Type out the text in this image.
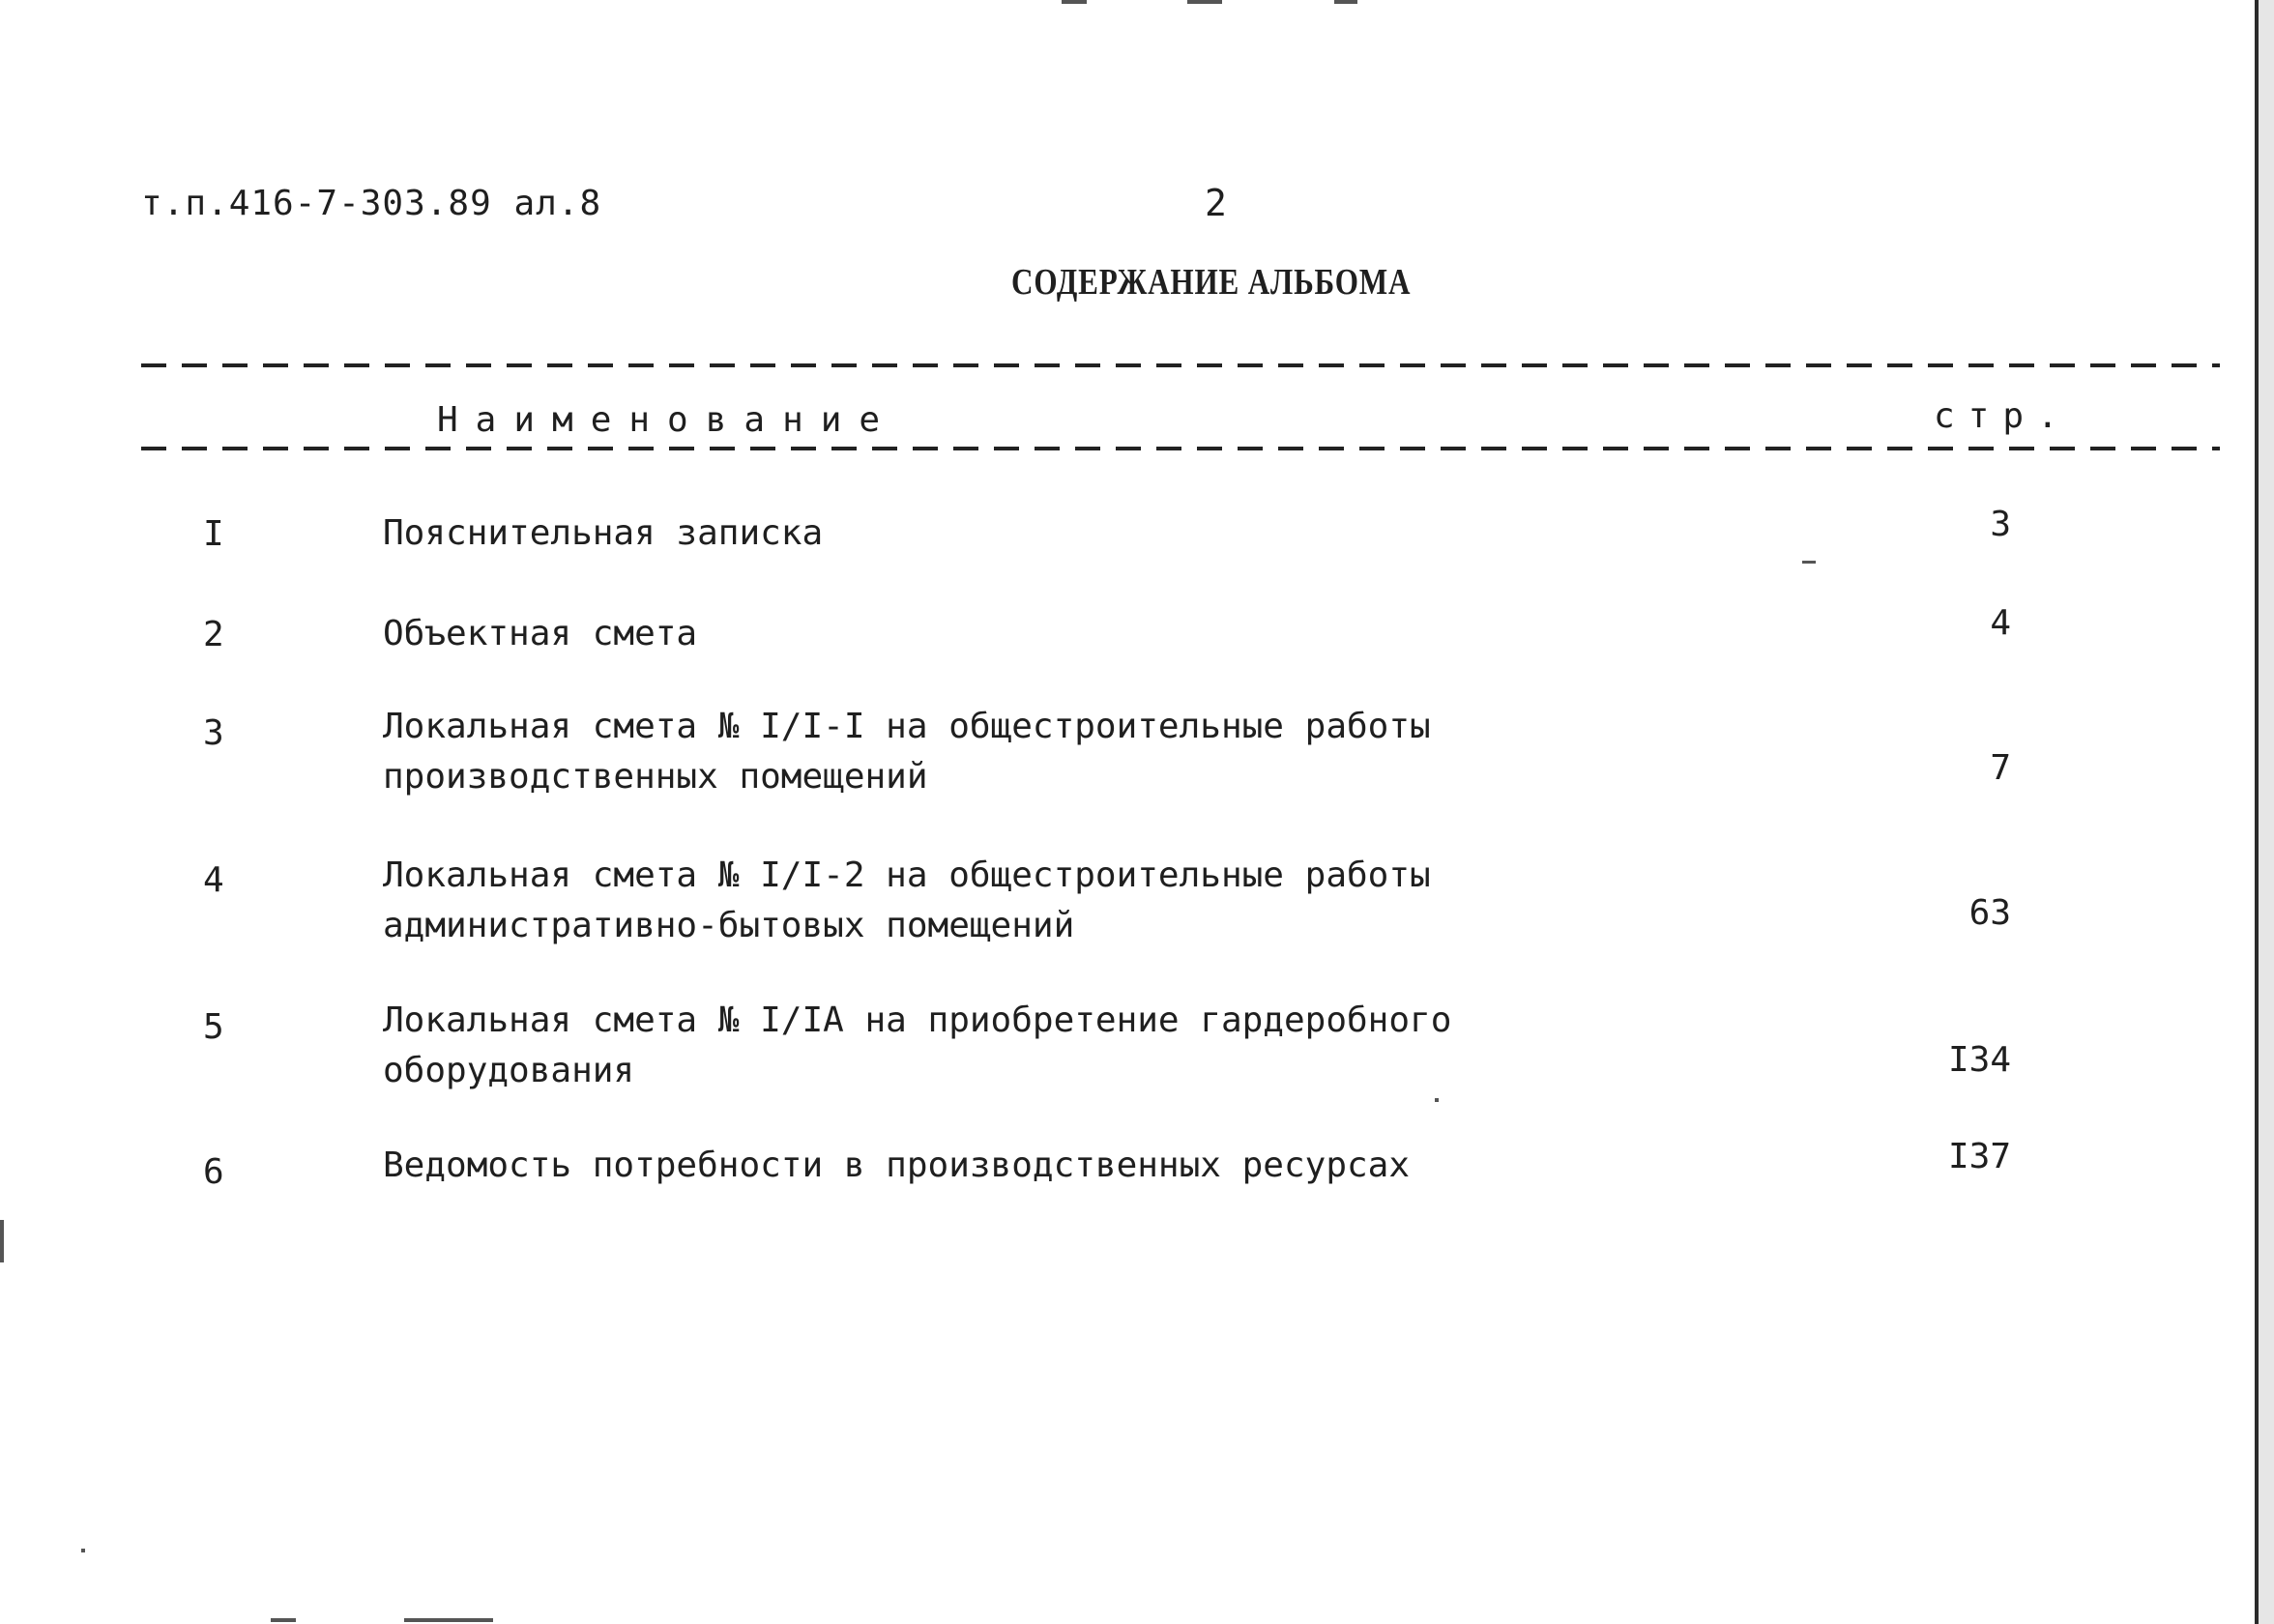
т.п.416-7-303.89 ал.8	2
СОДЕРЖАНИЕ АЛЬБОМА
Наименование	стр.
I	Пояснительная записка	3
2	Объектная смета	4
3	Локальная смета № I/I-I на общестроительные работы
производственных помещений	7
4	Локальная смета № I/I-2 на общестроительные работы
административно-бытовых помещений	63
5	Локальная смета № I/IA на приобретение гардеробного
оборудования	I34
6	Ведомость потребности в производственных ресурсах	I37
